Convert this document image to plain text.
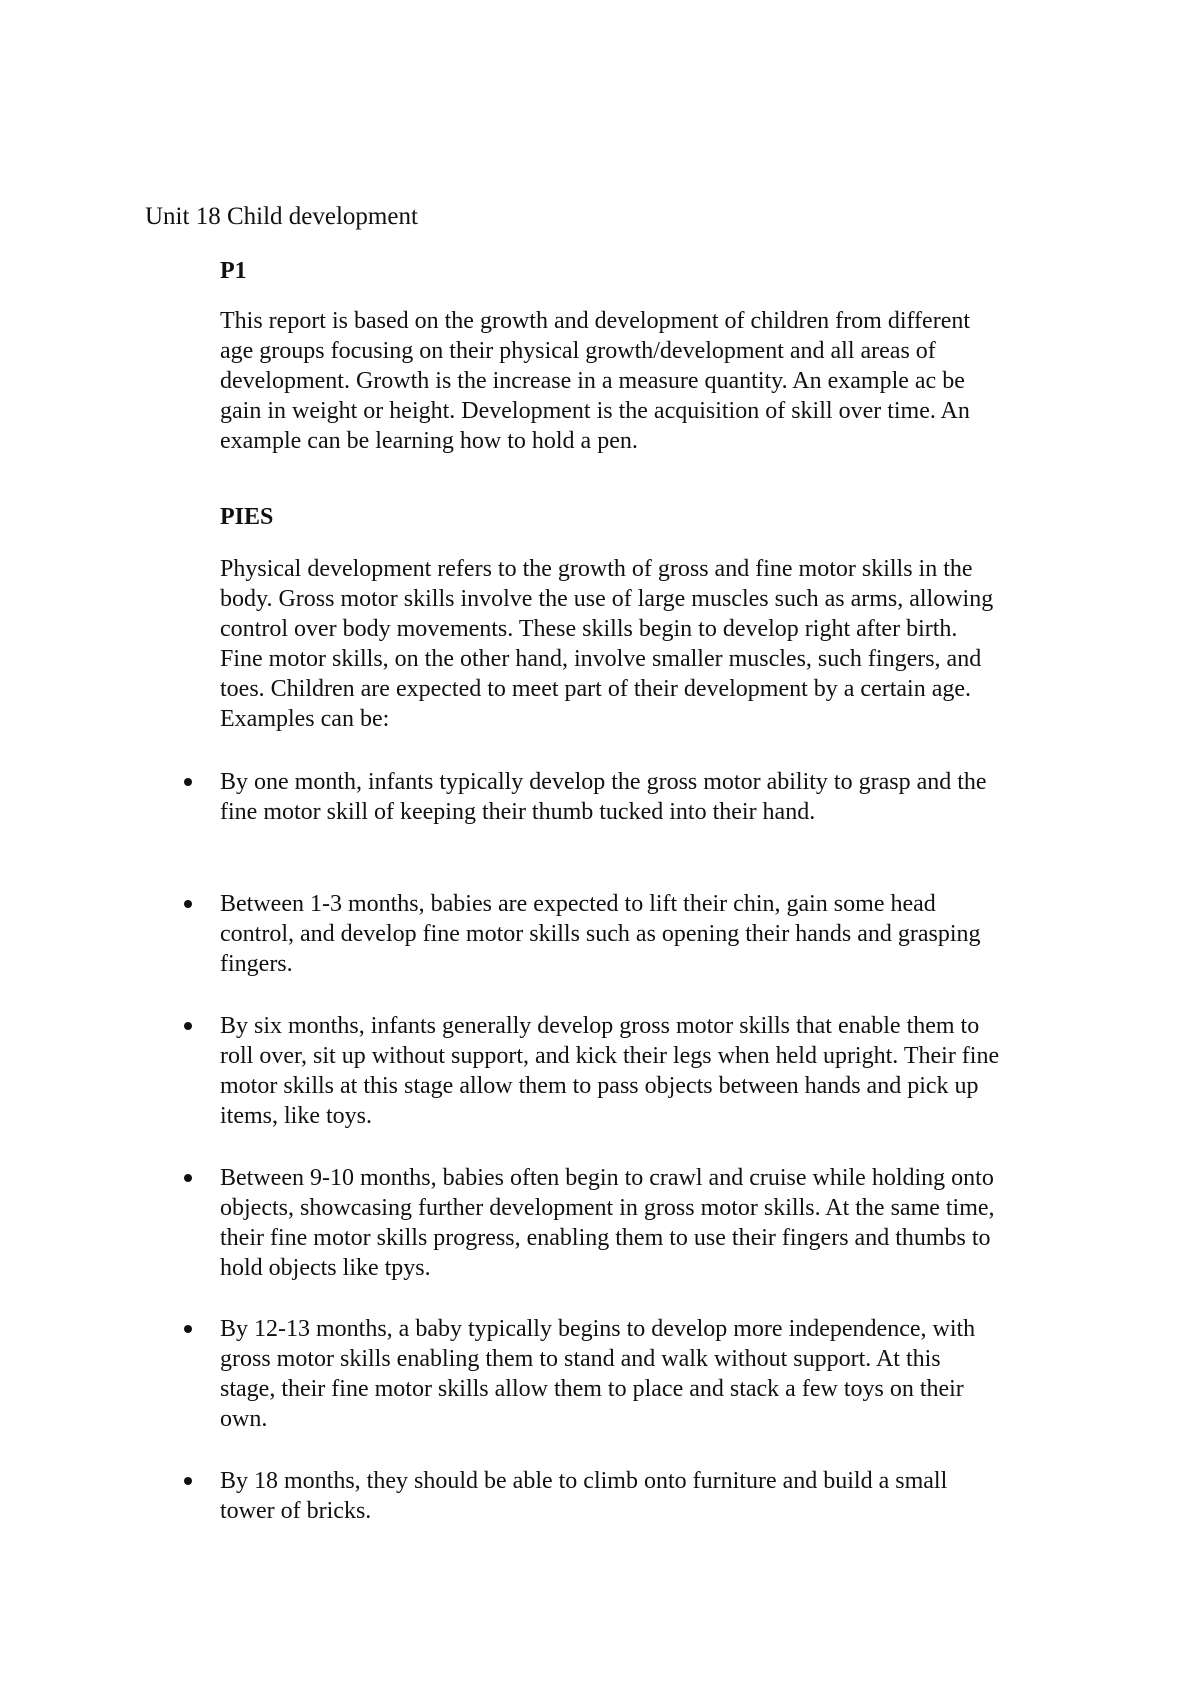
Unit 18 Child development
P1

This report is based on the growth and development of children from different age groups focusing on their physical growth/development and all areas of development. Growth is the increase in a measure quantity. An example ac be gain in weight or height. Development is the acquisition of skill over time. An example can be learning how to hold a pen.

PIES

Physical development refers to the growth of gross and fine motor skills in the body. Gross motor skills involve the use of large muscles such as arms, allowing control over body movements. These skills begin to develop right after birth. Fine motor skills, on the other hand, involve smaller muscles, such fingers, and toes. Children are expected to meet part of their development by a certain age. Examples can be:

By one month, infants typically develop the gross motor ability to grasp and the fine motor skill of keeping their thumb tucked into their hand.
Between 1-3 months, babies are expected to lift their chin, gain some head control, and develop fine motor skills such as opening their hands and grasping fingers.
By six months, infants generally develop gross motor skills that enable them to roll over, sit up without support, and kick their legs when held upright. Their fine motor skills at this stage allow them to pass objects between hands and pick up items, like toys.
Between 9-10 months, babies often begin to crawl and cruise while holding onto objects, showcasing further development in gross motor skills. At the same time, their fine motor skills progress, enabling them to use their fingers and thumbs to hold objects like tpys.
By 12-13 months, a baby typically begins to develop more independence, with gross motor skills enabling them to stand and walk without support. At this stage, their fine motor skills allow them to place and stack a few toys on their own.
By 18 months, they should be able to climb onto furniture and build a small tower of bricks.
